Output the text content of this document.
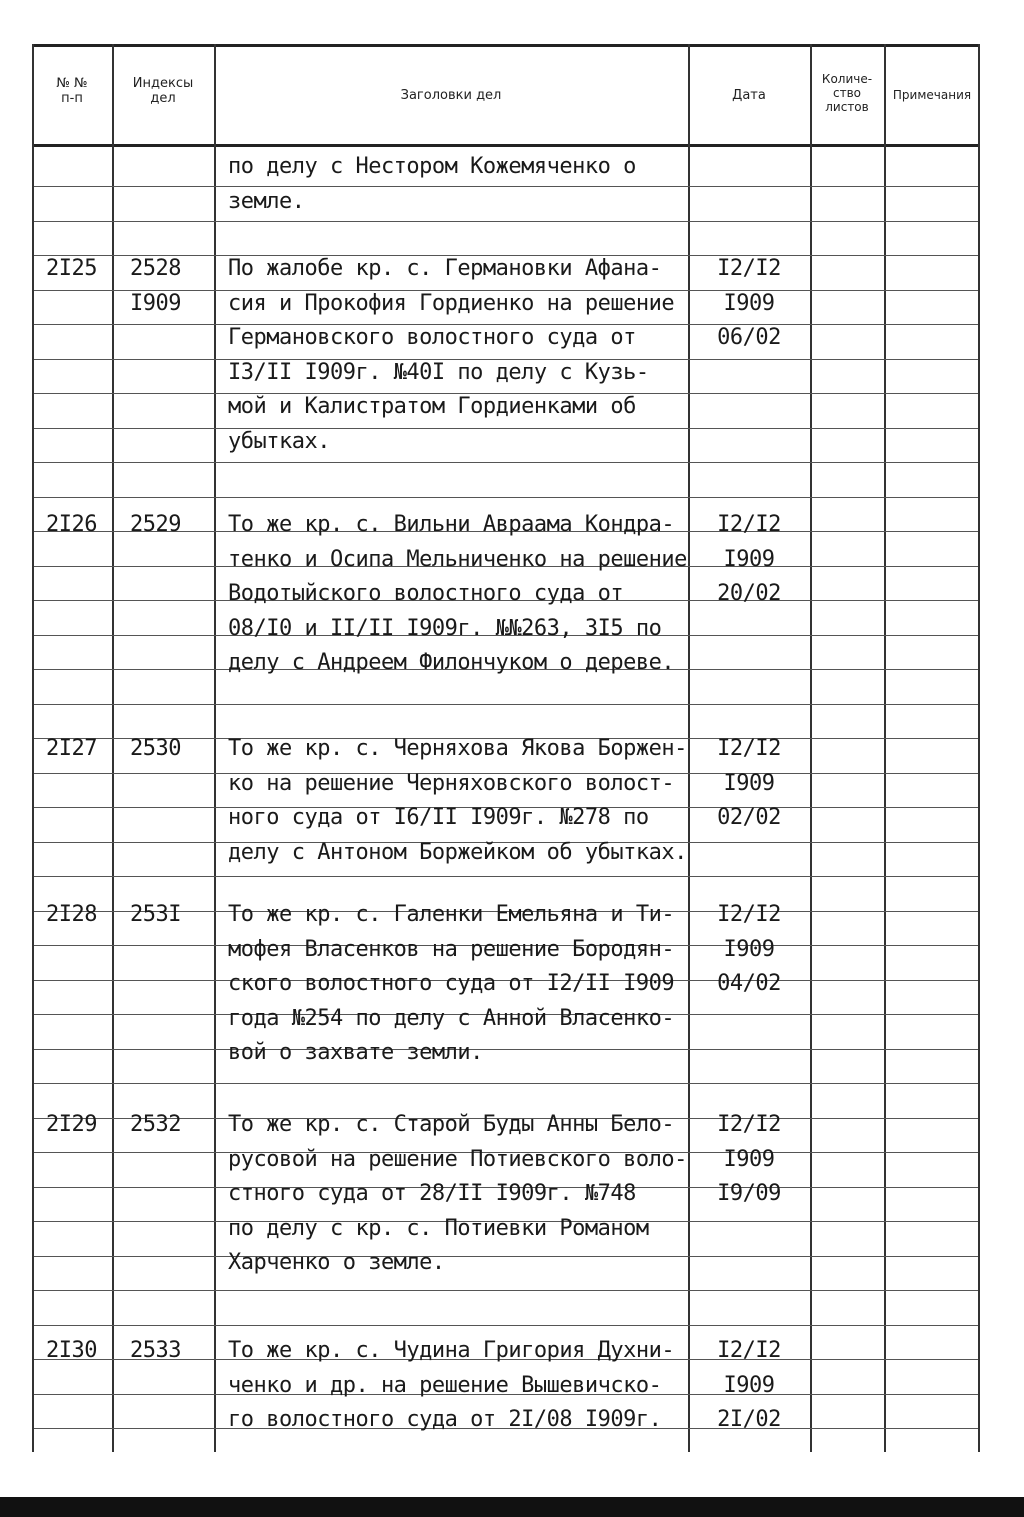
№ №
п-п
Индексы
дел	Заголовки дел	Дата
Количе-
ство
листов
Примечания
по делу с Нестором Кожемяченко о
земле.
2I25 2528
I909
По жалобе кр. с. Германовки Афана-
сия и Прокофия Гордиенко на решение
Германовского волостного суда от
I3/II I909г. №40I по делу с Кузь-
мой и Калистратом Гордиенками об
убытках.
I2/I2
I909
06/02
2I26 2529 То же кр. с. Вильни Авраама Кондра-
тенко и Осипа Мельниченко на решение
Водотыйского волостного суда от
08/I0 и II/II I909г. №№263, 3I5 по
делу с Андреем Филончуком о дереве.
I2/I2
I909
20/02
2I27 2530 То же кр. с. Черняхова Якова Боржен-
ко на решение Черняховского волост-
ного суда от I6/II I909г. №278 по
делу с Антоном Боржейком об убытках.
I2/I2
I909
02/02
2I28 253I То же кр. с. Галенки Емельяна и Ти-
мофея Власенков на решение Бородян-
ского волостного суда от I2/II I909
года №254 по делу с Анной Власенко-
вой о захвате земли.
I2/I2
I909
04/02
2I29 2532 То же кр. с. Старой Буды Анны Бело-
русовой на решение Потиевского воло-
стного суда от 28/II I909г. №748
по делу с кр. с. Потиевки Романом
Харченко о земле.
I2/I2
I909
I9/09
2I30 2533 То же кр. с. Чудина Григория Духни-
ченко и др. на решение Вышевичско-
го волостного суда от 2I/08 I909г.
I2/I2
I909
2I/02
